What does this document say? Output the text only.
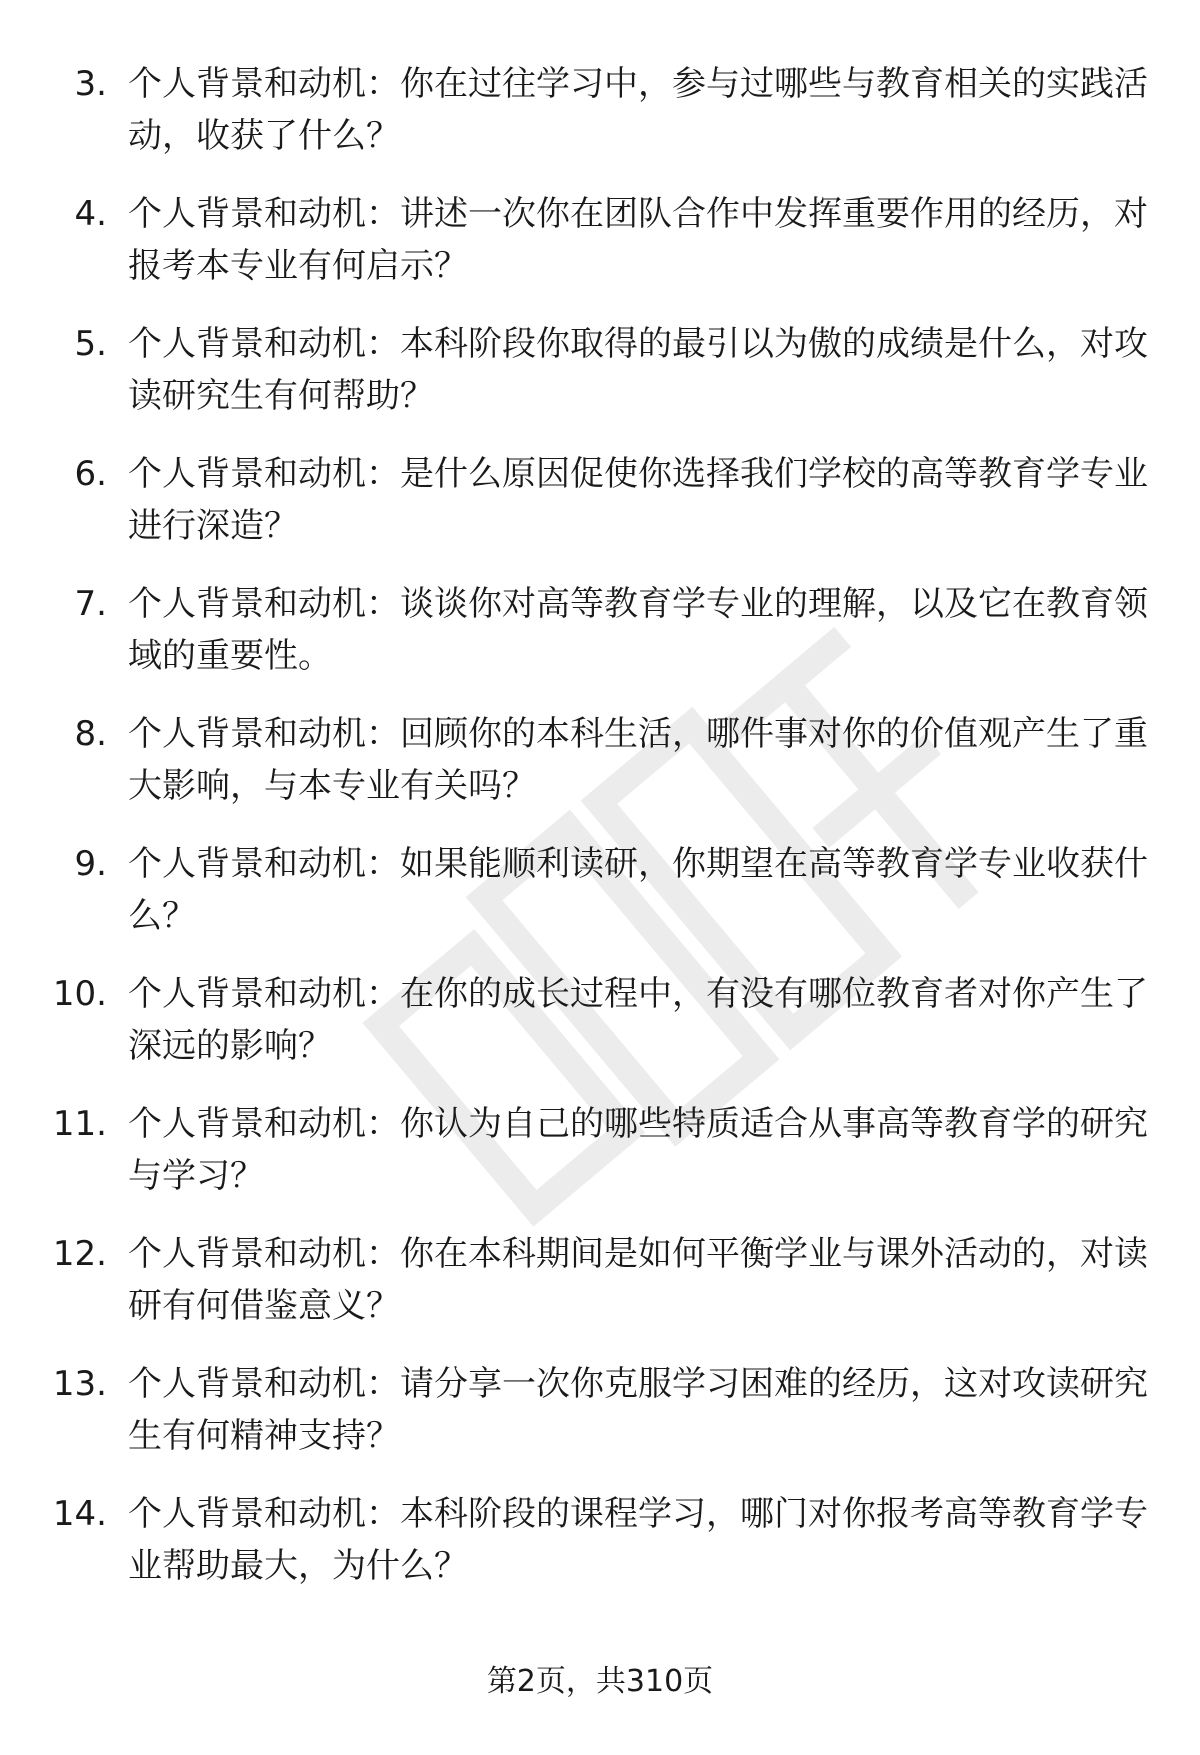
3. 个人背景和动机：你在过往学习中，参与过哪些与教育相关的实践活动，收获了什么？
4. 个人背景和动机：讲述一次你在团队合作中发挥重要作用的经历，对报考本专业有何启示？
5. 个人背景和动机：本科阶段你取得的最引以为傲的成绩是什么，对攻读研究生有何帮助？
6. 个人背景和动机：是什么原因促使你选择我们学校的高等教育学专业进行深造？
7. 个人背景和动机：谈谈你对高等教育学专业的理解，以及它在教育领域的重要性。
8. 个人背景和动机：回顾你的本科生活，哪件事对你的价值观产生了重大影响，与本专业有关吗？
9. 个人背景和动机：如果能顺利读研，你期望在高等教育学专业收获什么？
10. 个人背景和动机：在你的成长过程中，有没有哪位教育者对你产生了深远的影响？
11. 个人背景和动机：你认为自己的哪些特质适合从事高等教育学的研究与学习？
12. 个人背景和动机：你在本科期间是如何平衡学业与课外活动的，对读研有何借鉴意义？
13. 个人背景和动机：请分享一次你克服学习困难的经历，这对攻读研究生有何精神支持？
14. 个人背景和动机：本科阶段的课程学习，哪门对你报考高等教育学专业帮助最大，为什么？
第2页，共310页
